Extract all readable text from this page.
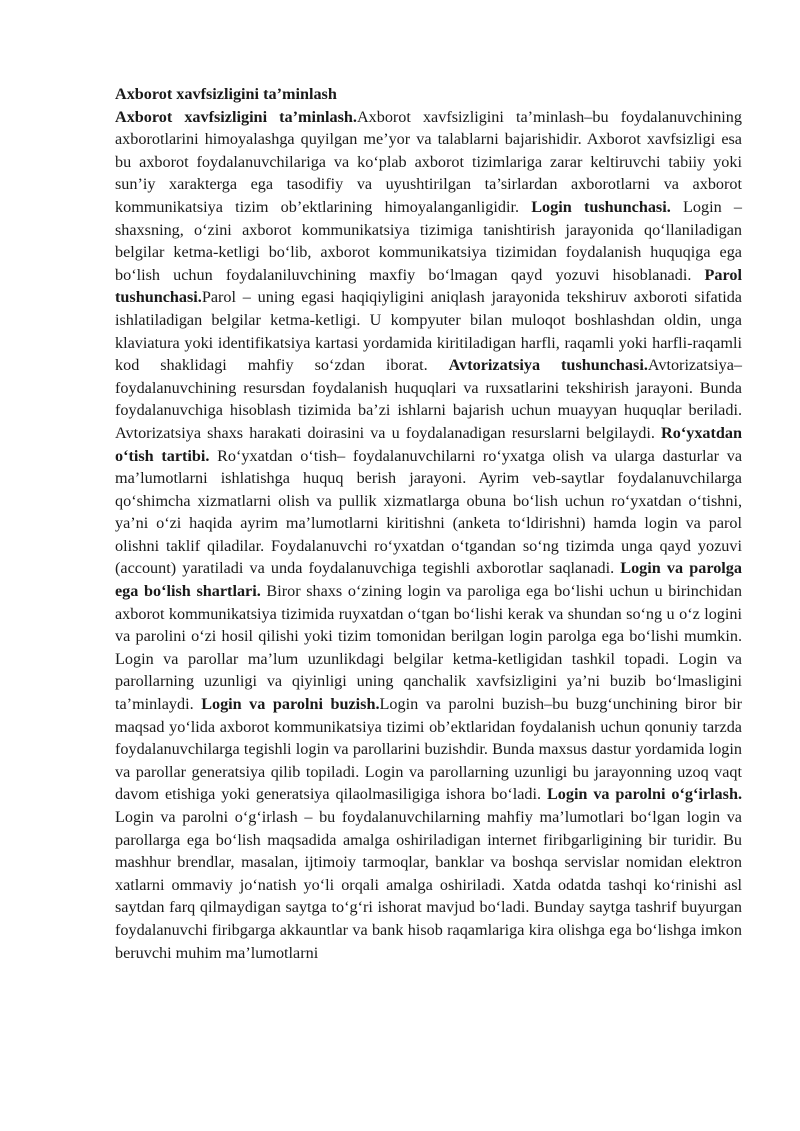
Axborot xavfsizligini ta’minlash

Axborot xavfsizligini ta’minlash.Axborot xavfsizligini ta’minlash–bu foydalanuvchining axborotlarini himoyalashga quyilgan me’yor va talablarni bajarishidir. Axborot xavfsizligi esa bu axborot foydalanuvchilariga va ko‘plab axborot tizimlariga zarar keltiruvchi tabiiy yoki sun’iy xarakterga ega tasodifiy va uyushtirilgan ta’sirlardan axborotlarni va axborot kommunikatsiya tizim ob’ektlarining himoyalanganligidir. Login tushunchasi. Login – shaxsning, o‘zini axborot kommunikatsiya tizimiga tanishtirish jarayonida qo‘llaniladigan belgilar ketma-ketligi bo‘lib, axborot kommunikatsiya tizimidan foydalanish huquqiga ega bo‘lish uchun foydalaniluvchining maxfiy bo‘lmagan qayd yozuvi hisoblanadi. Parol tushunchasi.Parol – uning egasi haqiqiyligini aniqlash jarayonida tekshiruv axboroti sifatida ishlatiladigan belgilar ketma-ketligi. U kompyuter bilan muloqot boshlashdan oldin, unga klaviatura yoki identifikatsiya kartasi yordamida kiritiladigan harfli, raqamli yoki harfli-raqamli kod shaklidagi mahfiy so‘zdan iborat. Avtorizatsiya tushunchasi.Avtorizatsiya–foydalanuvchining resursdan foydalanish huquqlari va ruxsatlarini tekshirish jarayoni. Bunda foydalanuvchiga hisoblash tizimida ba’zi ishlarni bajarish uchun muayyan huquqlar beriladi. Avtorizatsiya shaxs harakati doirasini va u foydalanadigan resurslarni belgilaydi. Ro‘yxatdan o‘tish tartibi. Ro‘yxatdan o‘tish– foydalanuvchilarni ro‘yxatga olish va ularga dasturlar va ma’lumotlarni ishlatishga huquq berish jarayoni. Ayrim veb-saytlar foydalanuvchilarga qo‘shimcha xizmatlarni olish va pullik xizmatlarga obuna bo‘lish uchun ro‘yxatdan o‘tishni, ya’ni o‘zi haqida ayrim ma’lumotlarni kiritishni (anketa to‘ldirishni) hamda login va parol olishni taklif qiladilar. Foydalanuvchi ro‘yxatdan o‘tgandan so‘ng tizimda unga qayd yozuvi (account) yaratiladi va unda foydalanuvchiga tegishli axborotlar saqlanadi. Login va parolga ega bo‘lish shartlari. Biror shaxs o‘zining login va paroliga ega bo‘lishi uchun u birinchidan axborot kommunikatsiya tizimida ruyxatdan o‘tgan bo‘lishi kerak va shundan so‘ng u o‘z logini va parolini o‘zi hosil qilishi yoki tizim tomonidan berilgan login parolga ega bo‘lishi mumkin. Login va parollar ma’lum uzunlikdagi belgilar ketma-ketligidan tashkil topadi. Login va parollarning uzunligi va qiyinligi uning qanchalik xavfsizligini ya’ni buzib bo‘lmasligini ta’minlaydi. Login va parolni buzish.Login va parolni buzish–bu buzg‘unchining biror bir maqsad yo‘lida axborot kommunikatsiya tizimi ob’ektlaridan foydalanish uchun qonuniy tarzda foydalanuvchilarga tegishli login va parollarini buzishdir. Bunda maxsus dastur yordamida login va parollar generatsiya qilib topiladi. Login va parollarning uzunligi bu jarayonning uzoq vaqt davom etishiga yoki generatsiya qilaolmasiligiga ishora bo‘ladi. Login va parolni o‘g‘irlash. Login va parolni o‘g‘irlash – bu foydalanuvchilarning mahfiy ma’lumotlari bo‘lgan login va parollarga ega bo‘lish maqsadida amalga oshiriladigan internet firibgarligining bir turidir. Bu mashhur brendlar, masalan, ijtimoiy tarmoqlar, banklar va boshqa servislar nomidan elektron xatlarni ommaviy jo‘natish yo‘li orqali amalga oshiriladi. Xatda odatda tashqi ko‘rinishi asl saytdan farq qilmaydigan saytga to‘g‘ri ishorat mavjud bo‘ladi. Bunday saytga tashrif buyurgan foydalanuvchi firibgarga akkauntlar va bank hisob raqamlariga kira olishga ega bo‘lishga imkon beruvchi muhim ma’lumotlarni
